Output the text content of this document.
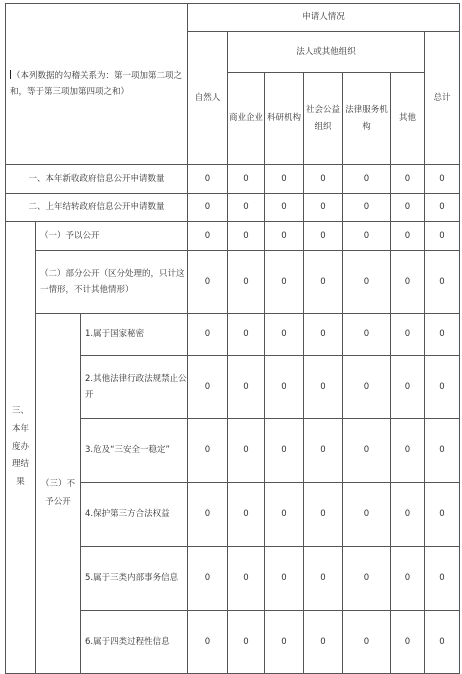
（本列数据的勾稽关系为：第一项加第二项之和，等于第三项加第四项之和）			申请人情况						
			自然人	法人或其他组织					总计
				商业企业	科研机构	社会公益组织	法律服务机构	其他	
一、本年新收政府信息公开申请数量			0	0	0	0	0	0	0
二、上年结转政府信息公开申请数量			0	0	0	0	0	0	0
三、本年度办理结果	（一）予以公开		0	0	0	0	0	0	0
	（二）部分公开（区分处理的，只计这一情形，不计其他情形）		0	0	0	0	0	0	0
	（三）不予公开	1.属于国家秘密	0	0	0	0	0	0	0
		2.其他法律行政法规禁止公开	0	0	0	0	0	0	0
		3.危及“三安全一稳定”	0	0	0	0	0	0	0
		4.保护第三方合法权益	0	0	0	0	0	0	0
		5.属于三类内部事务信息	0	0	0	0	0	0	0
		6.属于四类过程性信息	0	0	0	0	0	0	0
